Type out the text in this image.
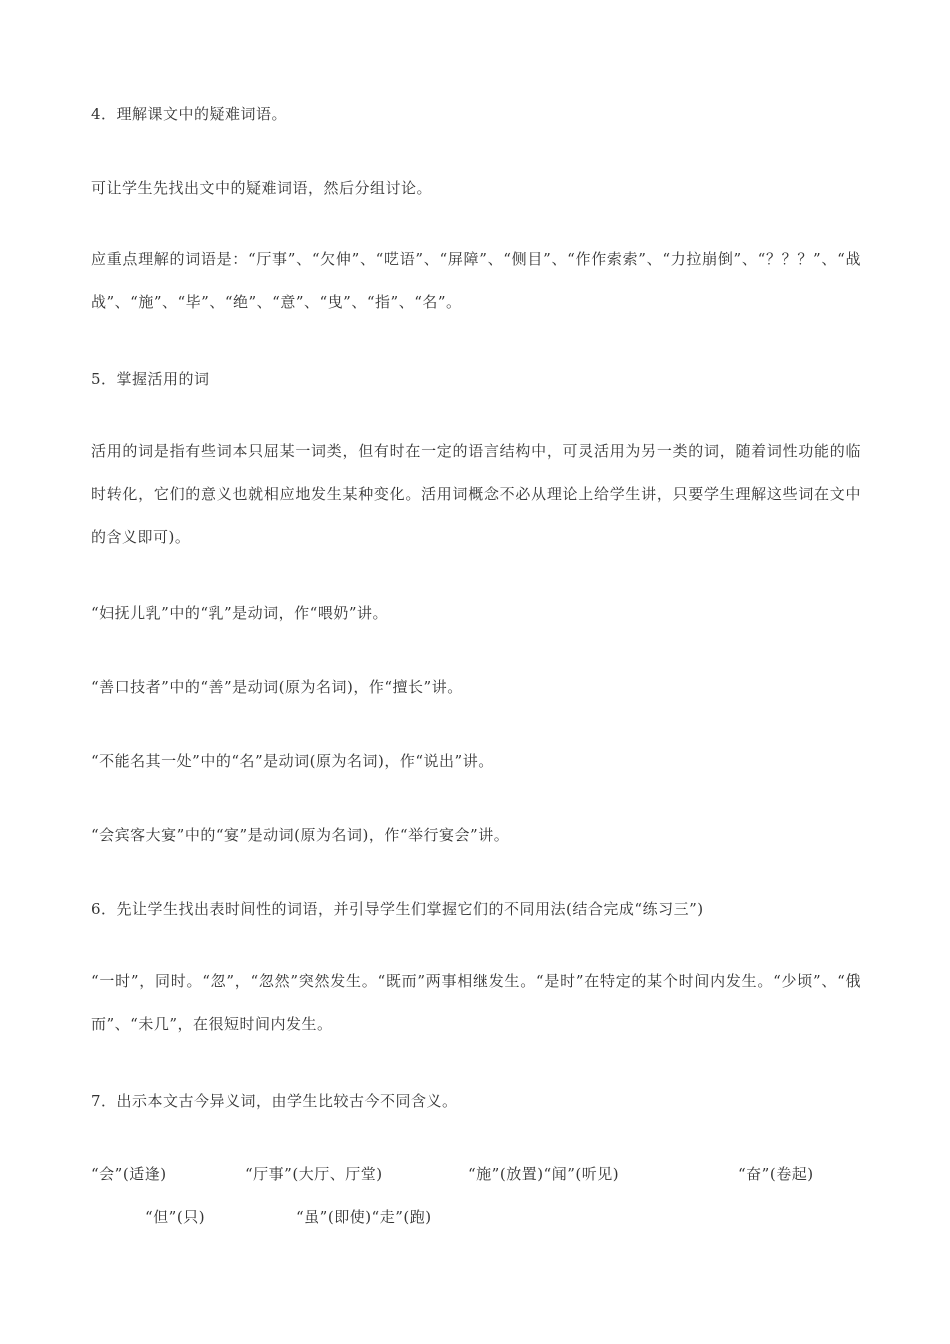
4．理解课文中的疑难词语。
可让学生先找出文中的疑难词语，然后分组讨论。
应重点理解的词语是：“厅事”、“欠伸”、“呓语”、“屏障”、“侧目”、“作作索索”、“力拉崩倒”、“？？？”、“战战”、“施”、“毕”、“绝”、“意”、“曳”、“指”、“名”。
5．掌握活用的词
活用的词是指有些词本只屈某一词类，但有时在一定的语言结构中，可灵活用为另一类的词，随着词性功能的临时转化，它们的意义也就相应地发生某种变化。活用词概念不必从理论上给学生讲，只要学生理解这些词在文中的含义即可)。
“妇抚儿乳”中的“乳”是动词，作“喂奶”讲。
“善口技者”中的“善”是动词(原为名词)，作“擅长”讲。
“不能名其一处”中的“名”是动词(原为名词)，作“说出”讲。
“会宾客大宴”中的“宴”是动词(原为名词)，作“举行宴会”讲。
6．先让学生找出表时间性的词语，并引导学生们掌握它们的不同用法(结合完成“练习三”)
“一时”，同时。“忽”，“忽然”突然发生。“既而”两事相继发生。“是时”在特定的某个时间内发生。“少顷”、“俄而”、“未几”，在很短时间内发生。
7．出示本文古今异义词，由学生比较古今不同含义。
“会”(适逢)	“厅事”(大厅、厅堂)	“施”(放置)“闻”(听见)	“奋”(卷起)
“但”(只)	“虽”(即使)“走”(跑)
